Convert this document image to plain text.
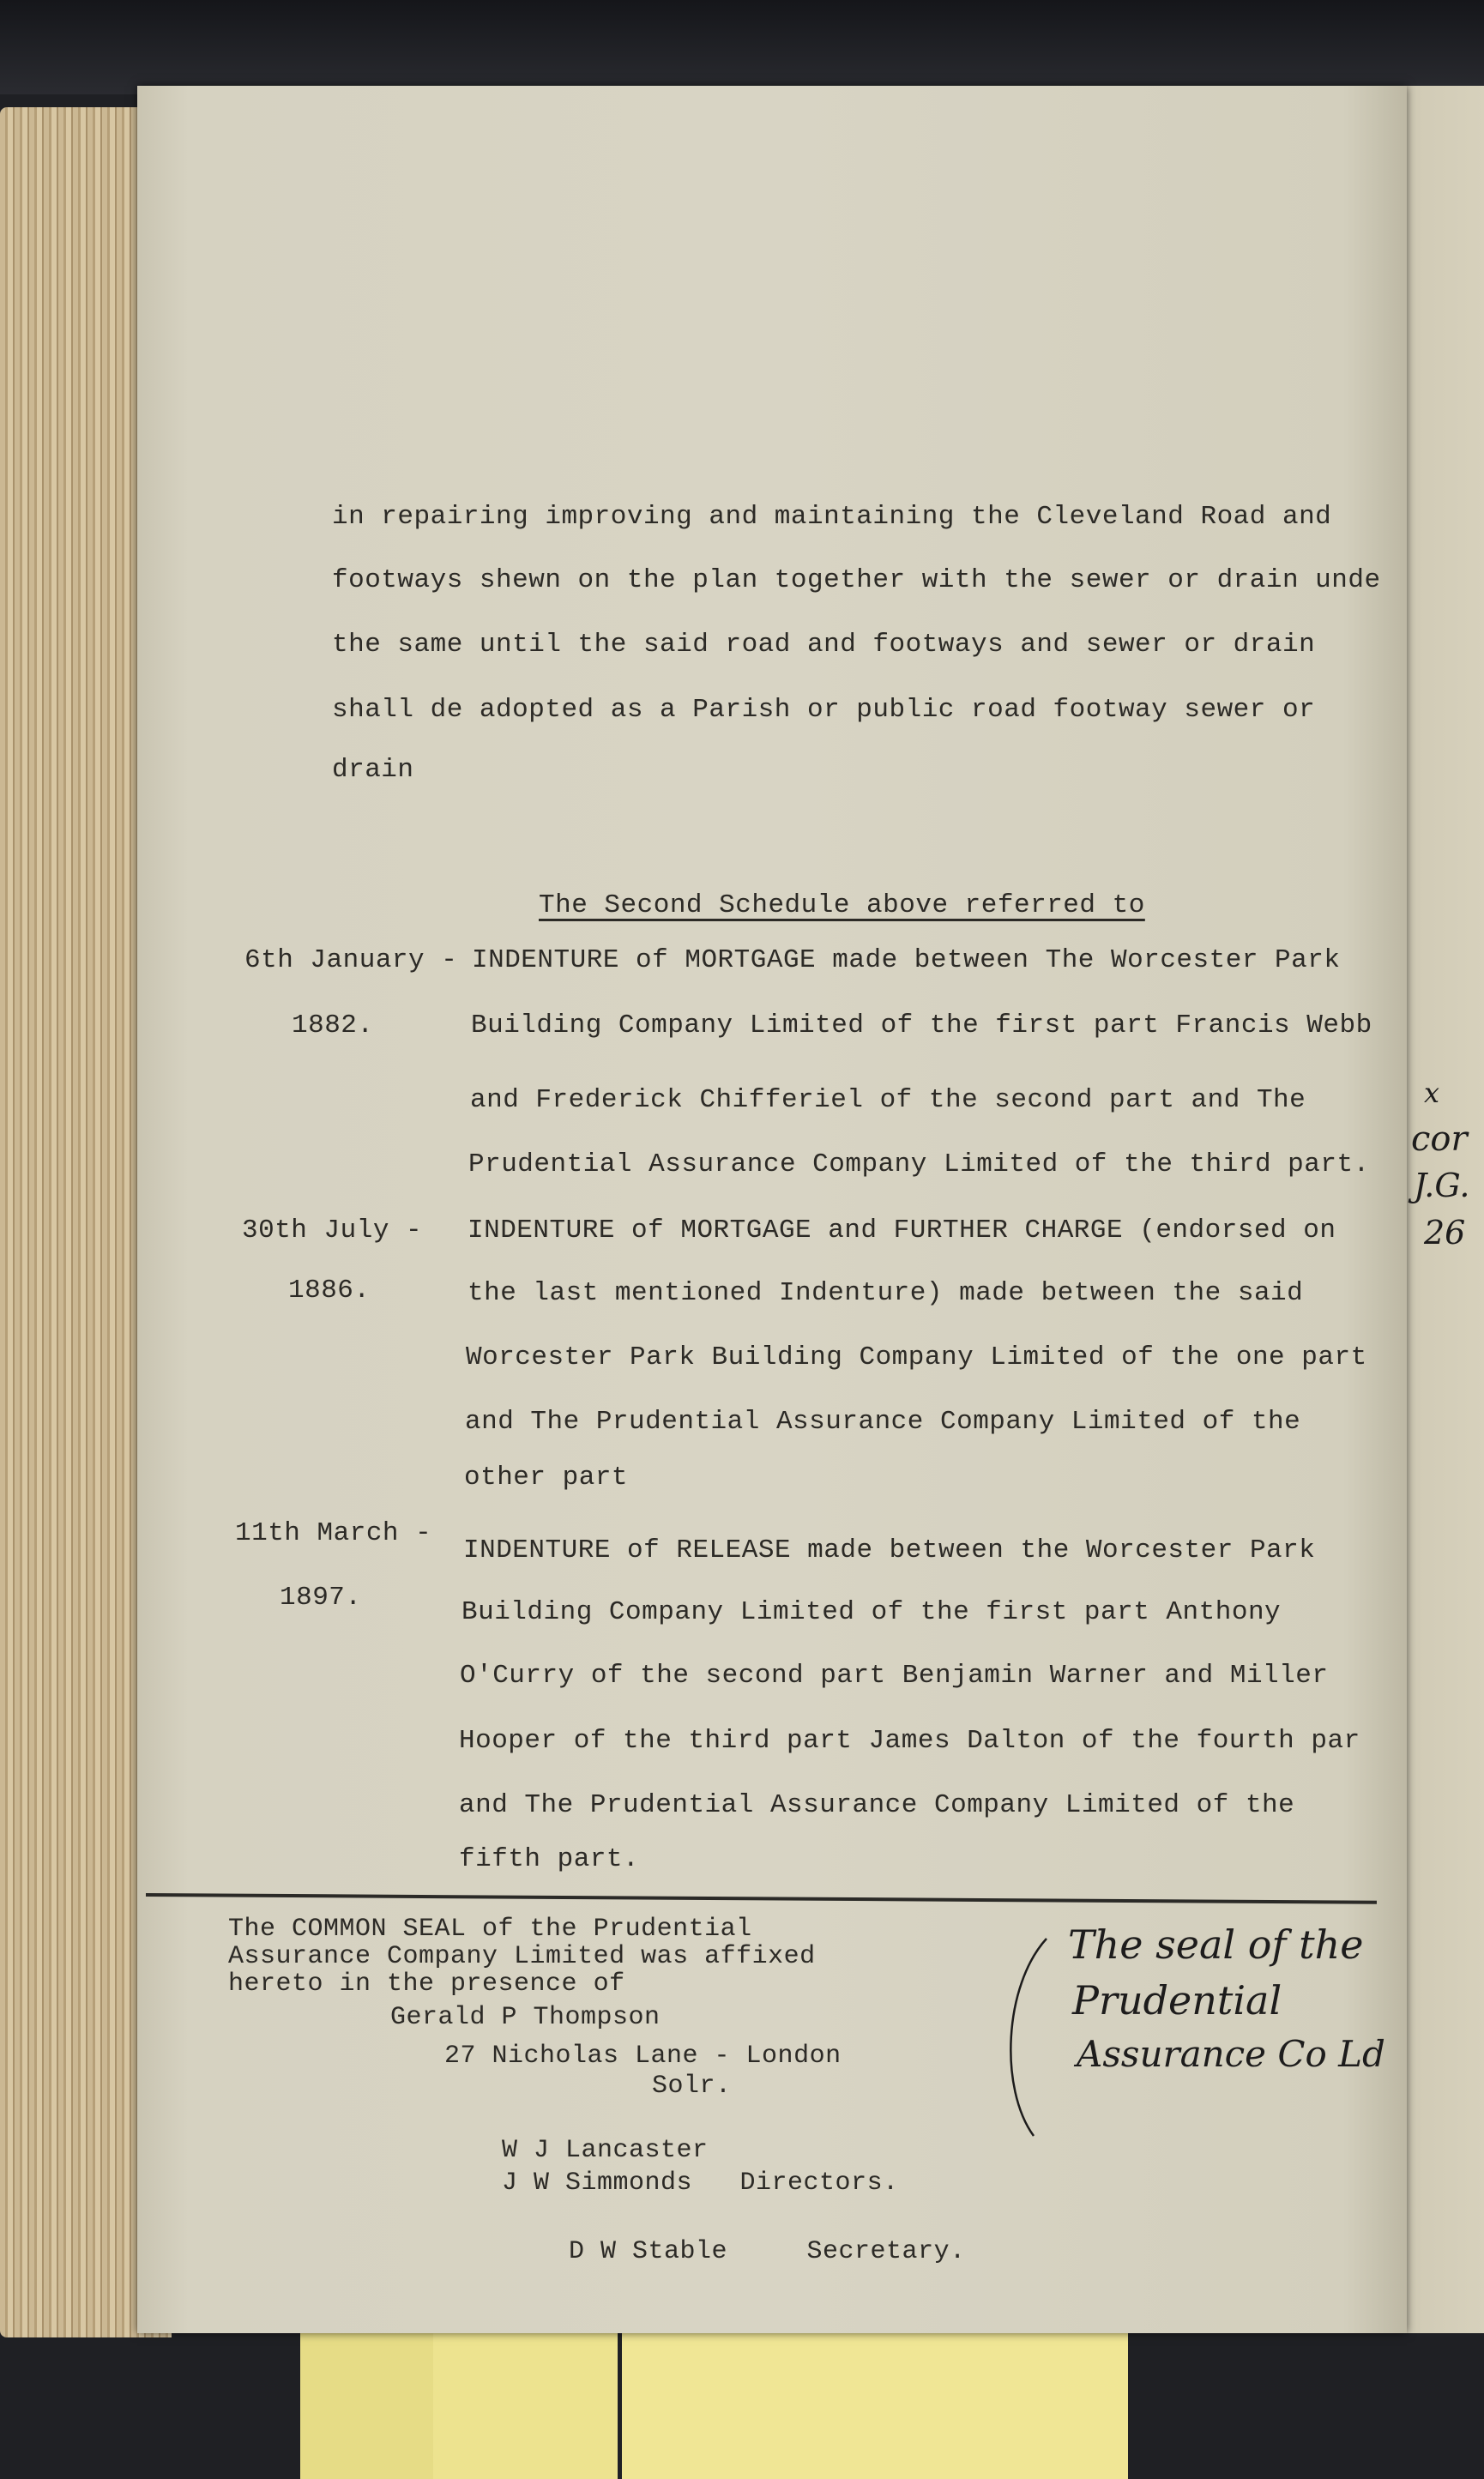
in repairing improving and maintaining the Cleveland Road and
footways shewn on the plan together with the sewer or drain unde
the same until the said road and footways and sewer or drain
shall de adopted as a Parish or public road footway sewer or
drain
The Second Schedule above referred to
6th January -
1882.
INDENTURE of MORTGAGE made between The Worcester Park
Building Company Limited of the first part Francis Webb
and Frederick Chifferiel of the second part and The
Prudential Assurance Company Limited of the third part.
30th July -
1886.
INDENTURE of MORTGAGE and FURTHER CHARGE (endorsed on
the last mentioned Indenture) made between the said
Worcester Park Building Company Limited of the one part
and The Prudential Assurance Company Limited of the
other part
11th March -
1897.
INDENTURE of RELEASE made between the Worcester Park
Building Company Limited of the first part Anthony
O'Curry of the second part Benjamin Warner and Miller
Hooper of the third part James Dalton of the fourth par
and The Prudential Assurance Company Limited of the
fifth part.
The COMMON SEAL of the Prudential
Assurance Company Limited was affixed
hereto in the presence of
Gerald P Thompson
27 Nicholas Lane - London
Solr.
W J Lancaster
J W Simmonds   Directors.
D W Stable     Secretary.
The seal of the
Prudential
Assurance Co Ld
x
cor
J.G.
26
